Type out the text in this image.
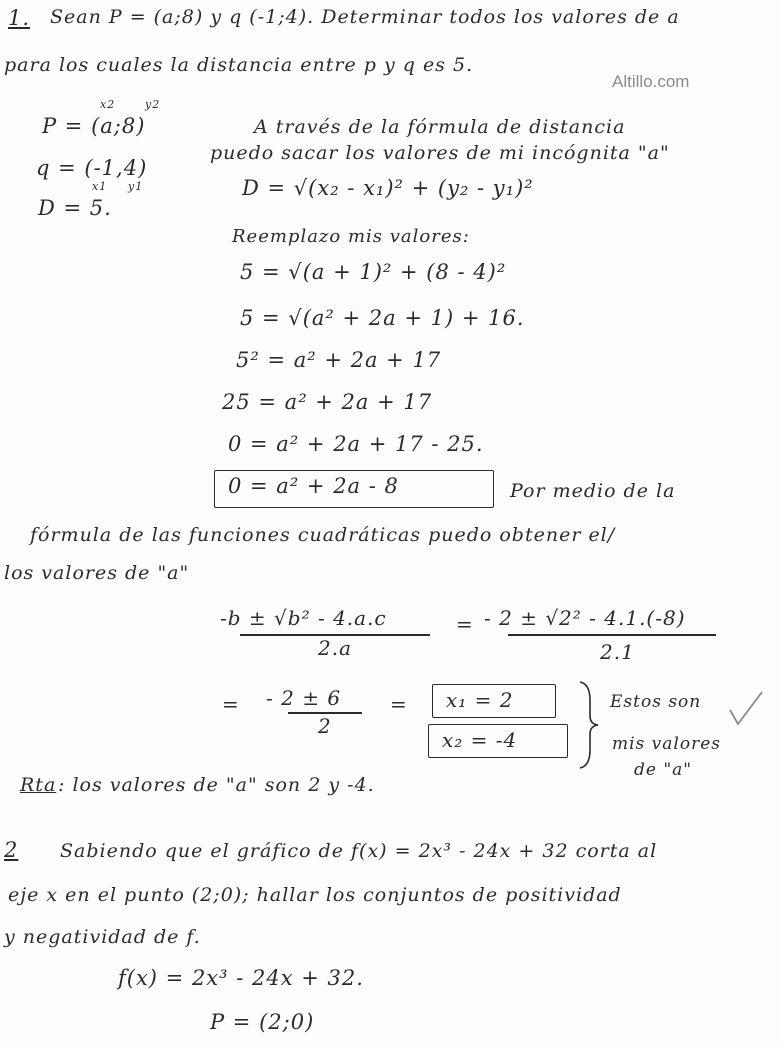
Altillo.com
1. Sean P = (a;8) y q (-1;4). Determinar todos los valores de a
para los cuales la distancia entre p y q es 5.
x2	y2
P = (a;8)
q = (-1,4)
x1 y1
D = 5.
A través de la fórmula de distancia
puedo sacar los valores de mi incógnita "a"
D = √(x₂ - x₁)² + (y₂ - y₁)²
Reemplazo mis valores:
5 = √(a + 1)² + (8 - 4)²
5 = √(a² + 2a + 1) + 16.
5² = a² + 2a + 17
25 = a² + 2a + 17
0 = a² + 2a + 17 - 25.
0 = a² + 2a - 8	Por medio de la
fórmula de las funciones cuadráticas puedo obtener el/
los valores de "a"
-b ± √b² - 4.a.c
2.a
= - 2 ± √2² - 4.1.(-8)
2.1
= - 2 ± 6
2
= x₁ = 2
x₂ = -4
Estos son
mis valores
de "a"
Rta : los valores de "a" son 2 y -4.
2 Sabiendo que el gráfico de f(x) = 2x³ - 24x + 32 corta al
eje x en el punto (2;0); hallar los conjuntos de positividad
y negatividad de f.
f(x) = 2x³ - 24x + 32.
P = (2;0)
